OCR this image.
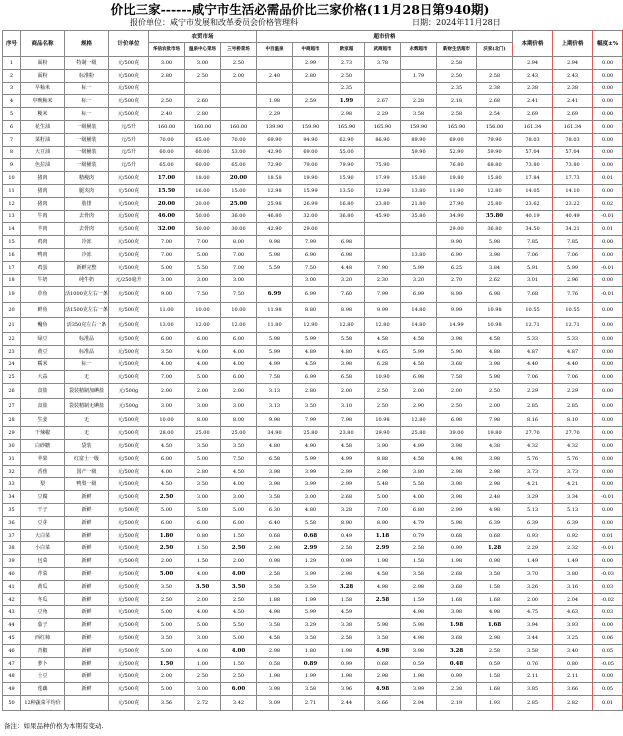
价比三家------咸宁市生活必需品价比三家价格(11月28日第940期)
报价单位：咸宁市发展和改革委员会价格管理科	日期：2024年11月28日
序号	商品名称	规格	计价单位	农贸市场			超市价格							本期价格	上期价格	幅度±%
				华信农批市场	温泉中心菜场	三号桥菜场	中百温泉	中商超市	欧家超	武商超市	永辉超市	新财生活超市	沃家(北门)			
1	面粉	特制一级	元/500克	3.00	3.00	2.50		2.99	2.73	3.78		2.58		2.94	2.94	0.00
2	面粉	标准粉	元/500克	2.80	2.50	2.00	2.40	2.80	2.50		1.79	2.50	2.58	2.43	2.43	0.00
3	早籼米	标一	元/500克						2.35			2.35	2.38	2.38	2.38	0.00
4	中晚籼米	标一	元/500克	2.50	2.60		1.98	2.59	1.99	2.67	2.28	2.18	2.68	2.41	2.41	0.00
5	粳米	标一	元/500克	2.40	2.80		2.29		2.98	2.29	3.58	2.58	2.54	2.69	2.69	0.00
6	花生油	一级桶装	元/5升	160.00	160.00	160.00	139.90	159.90	165.90	165.90	159.90	165.90	156.00	161.34	161.34	0.00
7	菜籽油	一级桶装	元/5升	70.00	65.00	70.00	69.90	94.90	62.90	86.90	89.90	69.00	79.90	78.03	78.03	0.00
8	大豆油	一级桶装	元/5升	60.00	60.00	53.00	42.90	69.00	55.00		59.90	52.90	59.90	57.04	57.04	0.00
9	色拉油	一级桶装	元/5升	65.00	60.00	65.00	72.90	79.00	79.90	75.90		76.80	68.80	73.80	73.80	0.00
10	猪肉	精瘦肉	元/500克	17.00	18.00	20.00	18.58	19.90	15.90	17.99	15.80	19.80	15.80	17.84	17.73	0.01
11	猪肉	腿夹肉	元/500克	15.50	16.00	15.00	12.98	15.99	13.50	12.99	13.80	11.90	12.80	14.05	14.10	0.00
12	猪肉	肋排	元/500克	20.00	20.00	25.00	25.98	26.99	16.80	23.80	21.80	27.90	25.80	23.62	23.22	0.02
13	牛肉	去骨肉	元/500克	46.00	50.00	36.00	46.80	32.00	36.80	45.90	35.80	34.90	35.80	40.19	40.49	-0.01
14	羊肉	去骨肉	元/500克	32.00	50.00	30.00	42.90	29.00				29.00	36.80	34.50	34.21	0.01
15	鸡肉	冷冻	元/500克	7.00	7.00	8.00	9.98	7.99	6.98			9.90	5.98	7.85	7.85	0.00
16	鸭肉	冷冻	元/500克	7.00	5.00	7.00	5.98	6.90	6.98		13.80	6.90	3.98	7.06	7.06	0.00
17	鸡蛋	新鲜完整	元/500克	5.00	5.50	7.00	5.59	7.50	4.48	7.90	5.99	6.25	3.84	5.91	5.99	-0.01
18	牛奶	纯牛奶	元/250毫升	3.00	3.00	3.00		3.00	3.20	2.30	3.20	2.70	2.62	3.01	2.96	0.00
19	草鱼	活1000克左右一条	元/500克	9.00	7.50	7.50	6.99	6.99	7.60	7.99	6.99	8.99	6.98	7.68	7.76	-0.01
20	鲜鱼	活1500克左右一条	元/500克	11.00	10.00	10.00	11.98	8.80	8.98	9.99	14.80	9.99	10.98	10.55	10.55	0.00
21	鳙鱼	活350克左右一条	元/500克	13.00	12.00	12.00	11.80	12.90	12.80	12.80	14.80	14.99	10.98	12.71	12.71	0.00
22	绿豆	标准品	元/500克	6.00	6.00	6.00	5.98	5.99	5.58	4.58	4.58	3.98	4.58	5.33	5.33	0.00
23	黄豆	标准品	元/500克	3.50	4.00	4.00	5.99	4.89	4.80	4.65	5.99	5.90	4.88	4.87	4.87	0.00
24	糯米	标一	元/500克	4.00	4.00	4.00	4.99	4.59	3.98	6.28	4.58	3.68	3.98	4.40	4.40	0.00
25	大蒜	无	元/500克	7.00	5.00	6.00	7.58	6.99	6.58	10.90	6.98	7.58	5.98	7.06	7.06	0.00
26	食盐	袋装精制加碘盐	元/500g	2.00	2.00	2.00	3.13	2.80	2.00	2.50	2.00	2.00	2.50	2.29	2.29	0.00
27	食盐	袋装精制无碘盐	元/500g	3.00	3.00	3.00	3.13	3.50	3.10	2.50	2.90	2.50	2.00	2.85	2.85	0.00
28	生姜	无	元/500克	10.00	8.00	8.00	9.98	7.99	7.98	10.98	12.80	6.98	7.98	8.16	8.10	0.00
29	干辣椒	无	元/500克	28.00	25.00	25.00	34.90	25.80	23.80	29.90	25.80	39.00	19.80	27.70	27.70	0.00
30	白砂糖	袋装	元/500克	4.50	3.50	3.50	4.80	4.90	4.58	3.90	4.99	3.98	4.38	4.32	4.32	0.00
31	苹果	红富士一级	元/500克	6.00	5.00	7.50	6.58	5.99	4.99	8.88	4.58	4.98	3.98	5.76	5.76	0.00
32	香蕉	国产一级	元/500克	4.00	2.80	4.50	3.98	3.99	2.99	2.98	3.80	2.98	2.98	3.73	3.73	0.00
33	梨	鸭梨一级	元/500克	4.50	3.50	4.00	3.98	3.99	2.99	5.48	5.58	3.98	2.98	4.21	4.21	0.00
34	豆腐	新鲜	元/500克	2.50	3.00	3.00	3.58	3.00	2.68	5.00	4.00	3.98	2.48	3.29	3.34	-0.01
35	干子	新鲜	元/500克	5.00	5.00	5.00	6.30	4.80	3.28	7.00	6.80	2.99	4.98	5.13	5.13	0.00
36	豆芽	新鲜	元/500克	6.00	6.00	6.00	6.40	5.58	8.90	8.90	4.79	5.98	6.39	6.39	6.39	0.00
37	大白菜	新鲜	元/500克	1.80	0.80	1.50	0.68	0.68	0.49	1.18	0.79	0.68	0.68	0.93	0.92	0.01
38	小白菜	新鲜	元/500克	2.50	1.50	2.50	2.98	2.99	2.58	2.99	2.58	0.99	1.28	2.29	2.32	-0.01
39	包菜	新鲜	元/500克	2.00	1.50	2.00	0.98	1.29	0.99	1.98	1.58	1.98	0.98	1.49	1.49	0.00
40	芹菜	新鲜	元/500克	5.00	4.00	4.00	2.58	3.99	2.98	4.58	3.58	2.68	3.58	3.70	3.80	-0.03
41	黄瓜	新鲜	元/500克	3.50	3.50	3.50	3.58	3.59	3.28	4.98	2.98	3.68	1.58	3.26	3.16	0.03
42	冬瓜	新鲜	元/500克	2.50	2.00	2.50	1.88	1.99	1.58	2.58	1.59	1.68	1.68	2.00	2.04	-0.02
43	豆角	新鲜	元/500克	5.00	4.00	4.50	4.98	5.99	4.59		4.98	3.98	4.98	4.75	4.63	0.03
44	茄子	新鲜	元/500克	5.00	5.00	5.50	3.58	3.29	3.38	5.98	5.98	1.98	1.68	3.94	3.93	0.00
45	西红柿	新鲜	元/500克	3.50	3.00	5.00	4.58	3.58	2.58	3.58	4.98	3.68	2.98	3.44	3.25	0.06
46	青椒	新鲜	元/500克	5.00	4.00	4.00	2.98	1.80	1.98	4.98	3.98	3.28	2.58	3.58	3.40	0.05
47	萝卜	新鲜	元/500克	1.50	1.00	1.50	0.58	0.89	0.99	0.68	0.59	0.48	0.59	0.76	0.80	-0.05
48	土豆	新鲜	元/500克	2.00	2.50	2.50	1.98	1.99	1.98	2.98	1.98	0.99	1.58	2.11	2.11	0.00
49	莲藕	新鲜	元/500克	5.00	3.00	6.00	3.98	3.58	3.96	4.98	3.99	2.38	1.68	3.85	3.66	0.05
50	12种蔬菜平均价		元/500克	3.56	2.72	3.42	3.09	2.71	2.44	3.66	2.94	2.19	1.93	2.85	2.82	0.01
备注：如果品种价格为本期有变动.
